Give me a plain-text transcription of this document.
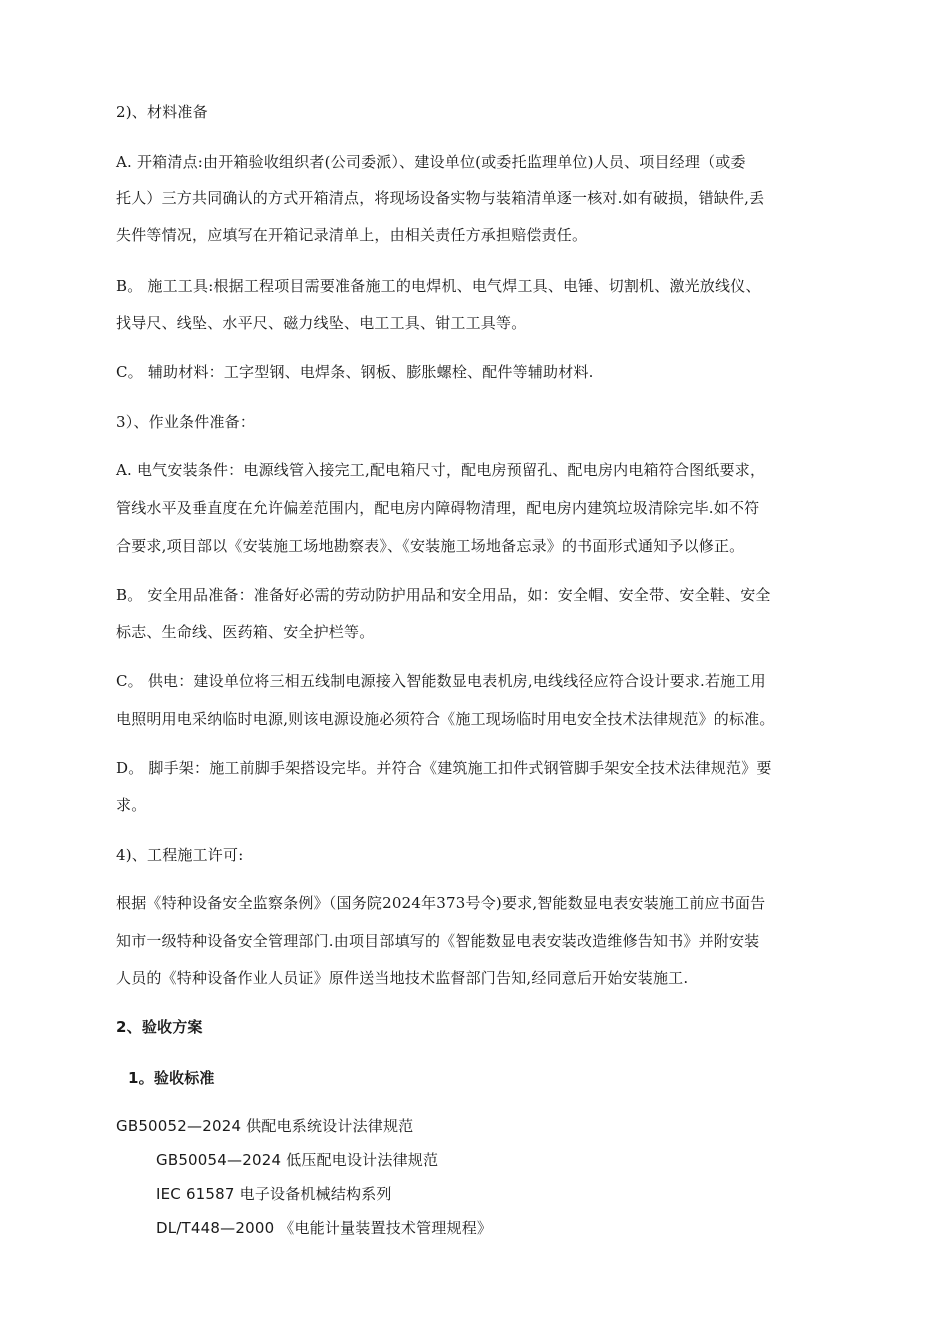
2)、材料准备
A. 开箱清点:由开箱验收组织者(公司委派）、建设单位(或委托监理单位)人员、项目经理（或委
托人）三方共同确认的方式开箱清点，将现场设备实物与装箱清单逐一核对.如有破损，错缺件,丢
失件等情况，应填写在开箱记录清单上，由相关责任方承担赔偿责任。
B。 施工工具:根据工程项目需要准备施工的电焊机、电气焊工具、电锤、切割机、激光放线仪、
找导尺、线坠、水平尺、磁力线坠、电工工具、钳工工具等。
C。 辅助材料：工字型钢、电焊条、钢板、膨胀螺栓、配件等辅助材料.
3）、作业条件准备：
A. 电气安装条件：电源线管入接完工,配电箱尺寸，配电房预留孔、配电房内电箱符合图纸要求，
管线水平及垂直度在允许偏差范围内，配电房内障碍物清理，配电房内建筑垃圾清除完毕.如不符
合要求,项目部以《安装施工场地勘察表》、《安装施工场地备忘录》的书面形式通知予以修正。
B。 安全用品准备：准备好必需的劳动防护用品和安全用品，如：安全帽、安全带、安全鞋、安全
标志、生命线、医药箱、安全护栏等。
C。 供电：建设单位将三相五线制电源接入智能数显电表机房,电线线径应符合设计要求.若施工用
电照明用电采纳临时电源,则该电源设施必须符合《施工现场临时用电安全技术法律规范》的标准。
D。 脚手架：施工前脚手架搭设完毕。并符合《建筑施工扣件式钢管脚手架安全技术法律规范》要
求。
4)、工程施工许可:
根据《特种设备安全监察条例》（国务院2024年373号令)要求,智能数显电表安装施工前应书面告
知市一级特种设备安全管理部门.由项目部填写的《智能数显电表安装改造维修告知书》并附安装
人员的《特种设备作业人员证》原件送当地技术监督部门告知,经同意后开始安装施工.
2、验收方案
1。验收标准
GB50052—2024 供配电系统设计法律规范
GB50054—2024 低压配电设计法律规范
IEC 61587 电子设备机械结构系列
DL/T448—2000 《电能计量装置技术管理规程》
